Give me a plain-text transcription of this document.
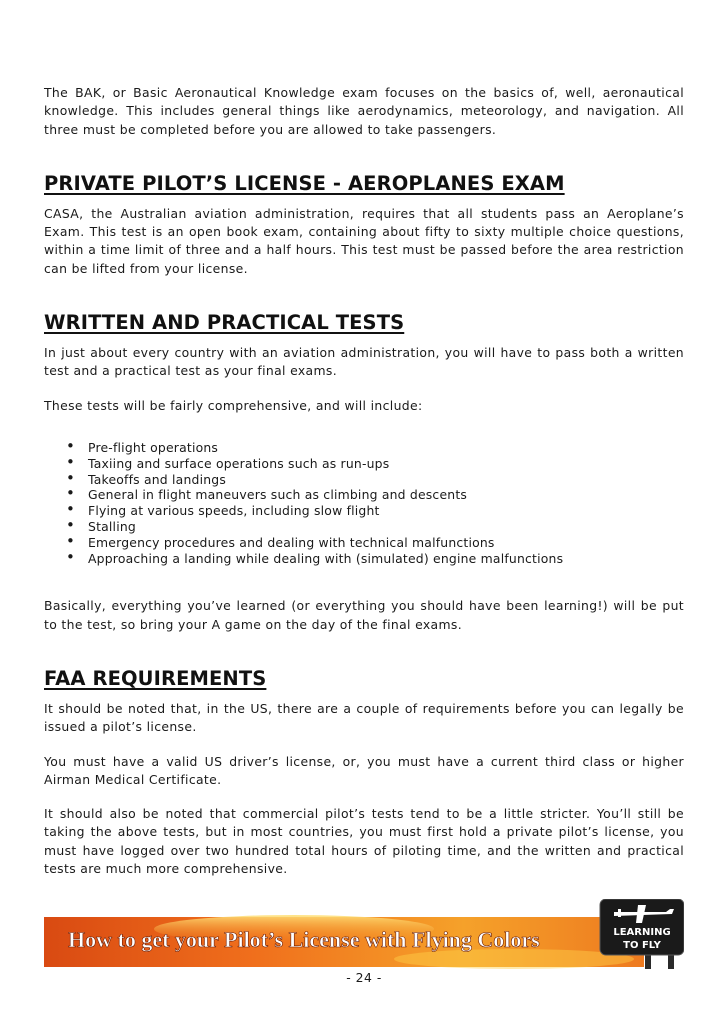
The BAK, or Basic Aeronautical Knowledge exam focuses on the basics of, well, aeronautical knowledge. This includes general things like aerodynamics, meteorology, and navigation. All three must be completed before you are allowed to take passengers.

PRIVATE PILOT’S LICENSE - AEROPLANES EXAM

CASA, the Australian aviation administration, requires that all students pass an Aeroplane’s Exam. This test is an open book exam, containing about fifty to sixty multiple choice questions, within a time limit of three and a half hours. This test must be passed before the area restriction can be lifted from your license.

WRITTEN AND PRACTICAL TESTS

In just about every country with an aviation administration, you will have to pass both a written test and a practical test as your final exams.

These tests will be fairly comprehensive, and will include:

• Pre-flight operations
• Taxiing and surface operations such as run-ups
• Takeoffs and landings
• General in flight maneuvers such as climbing and descents
• Flying at various speeds, including slow flight
• Stalling
• Emergency procedures and dealing with technical malfunctions
• Approaching a landing while dealing with (simulated) engine malfunctions

Basically, everything you’ve learned (or everything you should have been learning!) will be put to the test, so bring your A game on the day of the final exams.

FAA REQUIREMENTS

It should be noted that, in the US, there are a couple of requirements before you can legally be issued a pilot’s license.

You must have a valid US driver’s license, or, you must have a current third class or higher Airman Medical Certificate.

It should also be noted that commercial pilot’s tests tend to be a little stricter. You’ll still be taking the above tests, but in most countries, you must first hold a private pilot’s license, you must have logged over two hundred total hours of piloting time, and the written and practical tests are much more comprehensive.

How to get your Pilot’s License with Flying Colors	LEARNING
TO FLY
- 24 -
